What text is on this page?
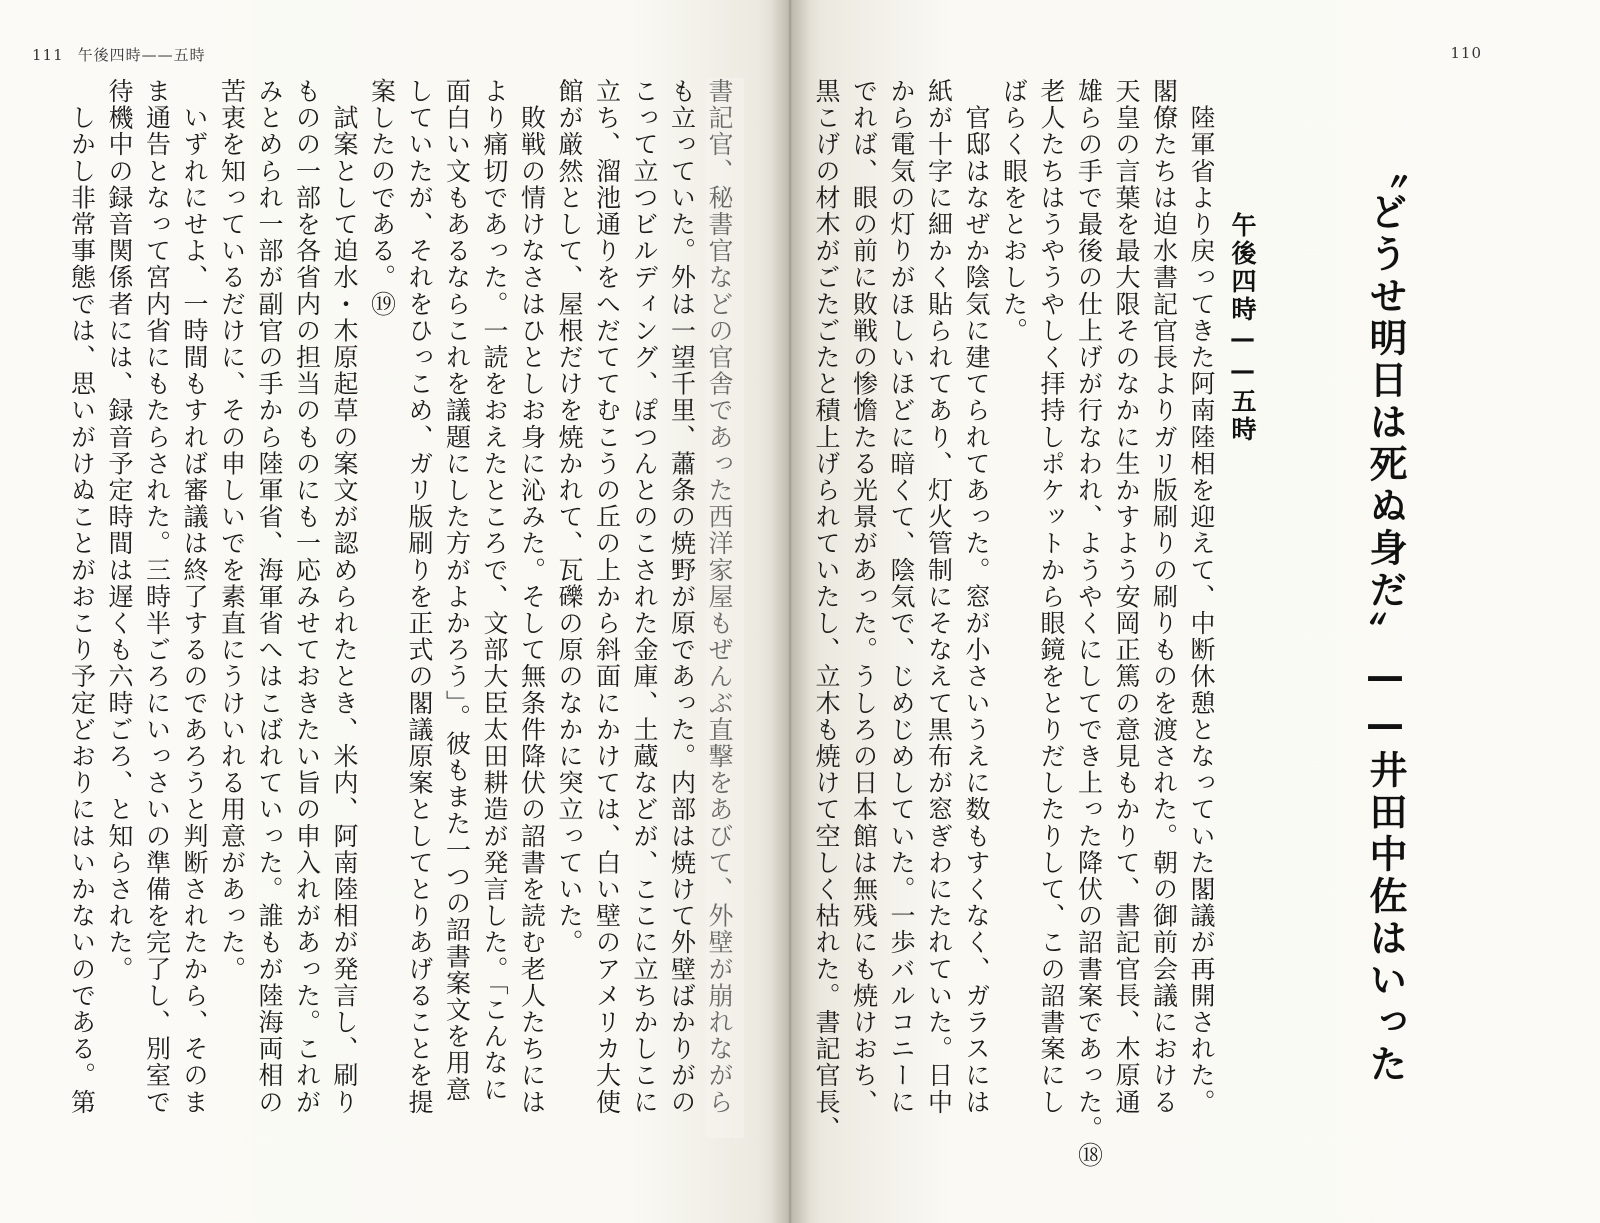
111 午後四時——五時	110
〝どうせ明日は死ぬ身だ〟——井田中佐はいった
午後四時——五時
　陸軍省より戻ってきた阿南陸相を迎えて、中断休憩となっていた閣議が再開された。
閣僚たちは迫水書記官長よりガリ版刷りの刷りものを渡された。朝の御前会議における
天皇の言葉を最大限そのなかに生かすよう安岡正篤の意見もかりて、書記官長、木原通
雄らの手で最後の仕上げが行なわれ、ようやくにしてでき上った降伏の詔書案であった。⑱
老人たちはうやうやしく拝持しポケットから眼鏡をとりだしたりして、この詔書案にし
ばらく眼をとおした。
　官邸はなぜか陰気に建てられてあった。窓が小さいうえに数もすくなく、ガラスには
紙が十字に細かく貼られてあり、灯火管制にそなえて黒布が窓ぎわにたれていた。日中
から電気の灯りがほしいほどに暗くて、陰気で、じめじめしていた。一歩バルコニーに
でれば、眼の前に敗戦の惨憺たる光景があった。うしろの日本館は無残にも焼けおち、
黒こげの材木がごたごたと積上げられていたし、立木も焼けて空しく枯れた。書記官長、
書記官、秘書官などの官舎であった西洋家屋もぜんぶ直撃をあびて、外壁が崩れながら
も立っていた。外は一望千里、蕭条の焼野が原であった。内部は焼けて外壁ばかりがの
こって立つビルディング、ぽつんとのこされた金庫、土蔵などが、ここに立ちかしこに
立ち、溜池通りをへだててむこうの丘の上から斜面にかけては、白い壁のアメリカ大使
館が厳然として、屋根だけを焼かれて、瓦礫の原のなかに突立っていた。
　敗戦の情けなさはひとしお身に沁みた。そして無条件降伏の詔書を読む老人たちには
より痛切であった。一読をおえたところで、文部大臣太田耕造が発言した。「こんなに
面白い文もあるならこれを議題にした方がよかろう」。彼もまた一つの詔書案文を用意
していたが、それをひっこめ、ガリ版刷りを正式の閣議原案としてとりあげることを提
案したのである。⑲
　試案として迫水・木原起草の案文が認められたとき、米内、阿南陸相が発言し、刷り
ものの一部を各省内の担当のものにも一応みせておきたい旨の申入れがあった。これが
みとめられ一部が副官の手から陸軍省、海軍省へはこばれていった。誰もが陸海両相の
苦衷を知っているだけに、その申しいでを素直にうけいれる用意があった。
　いずれにせよ、一時間もすれば審議は終了するのであろうと判断されたから、そのま
ま通告となって宮内省にもたらされた。三時半ごろにいっさいの準備を完了し、別室で
待機中の録音関係者には、録音予定時間は遅くも六時ごろ、と知らされた。
　しかし非常事態では、思いがけぬことがおこり予定どおりにはいかないのである。第
